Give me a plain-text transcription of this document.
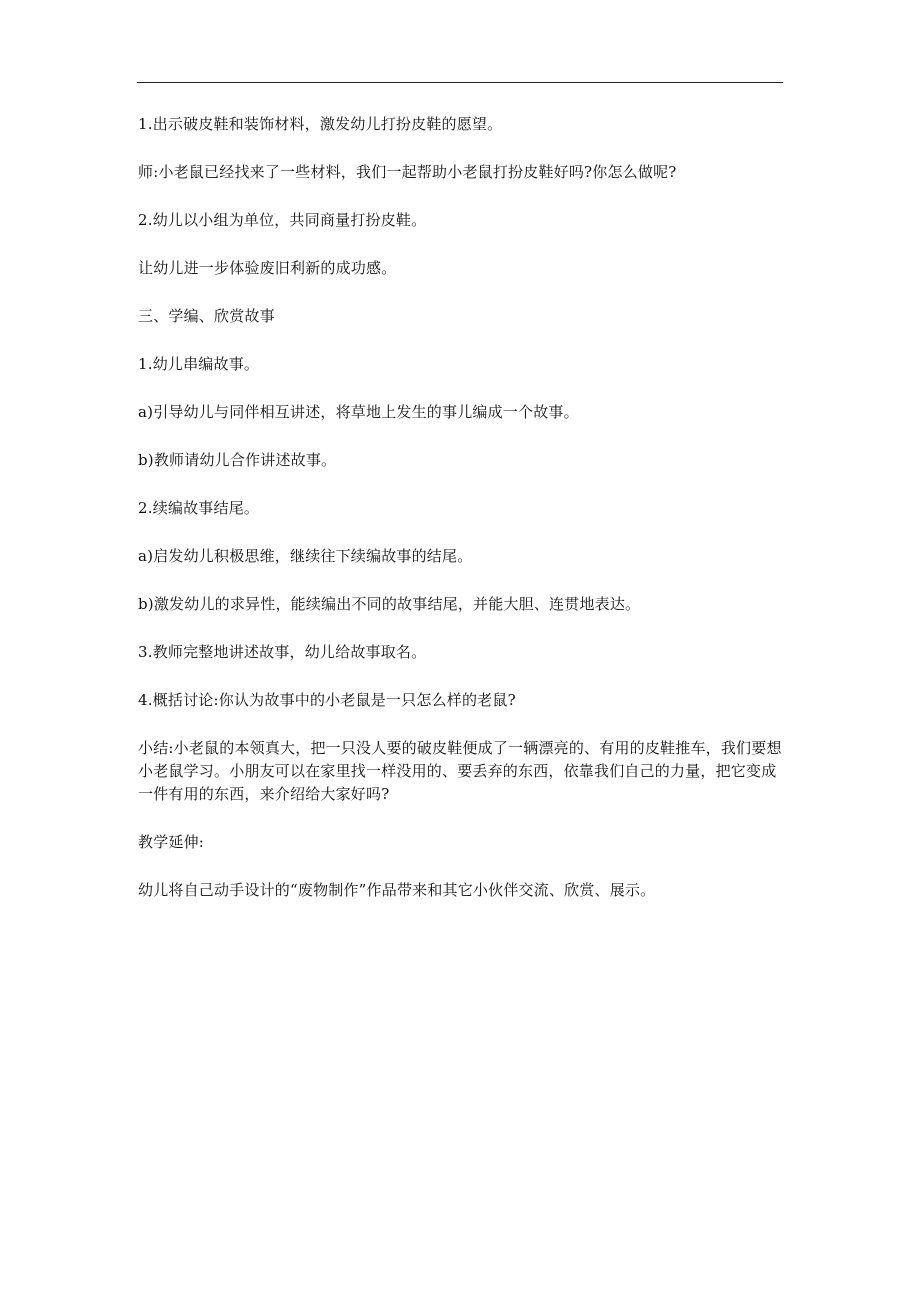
1.出示破皮鞋和装饰材料，激发幼儿打扮皮鞋的愿望。

师:小老鼠已经找来了一些材料，我们一起帮助小老鼠打扮皮鞋好吗?你怎么做呢?

2.幼儿以小组为单位，共同商量打扮皮鞋。

让幼儿进一步体验废旧利新的成功感。

三、学编、欣赏故事

1.幼儿串编故事。

a)引导幼儿与同伴相互讲述，将草地上发生的事儿编成一个故事。

b)教师请幼儿合作讲述故事。

2.续编故事结尾。

a)启发幼儿积极思维，继续往下续编故事的结尾。

b)激发幼儿的求异性，能续编出不同的故事结尾，并能大胆、连贯地表达。

3.教师完整地讲述故事，幼儿给故事取名。

4.概括讨论:你认为故事中的小老鼠是一只怎么样的老鼠?

小结:小老鼠的本领真大，把一只没人要的破皮鞋便成了一辆漂亮的、有用的皮鞋推车，我们要想小老鼠学习。小朋友可以在家里找一样没用的、要丢弃的东西，依靠我们自己的力量，把它变成一件有用的东西，来介绍给大家好吗?

教学延伸:

幼儿将自己动手设计的“废物制作”作品带来和其它小伙伴交流、欣赏、展示。
